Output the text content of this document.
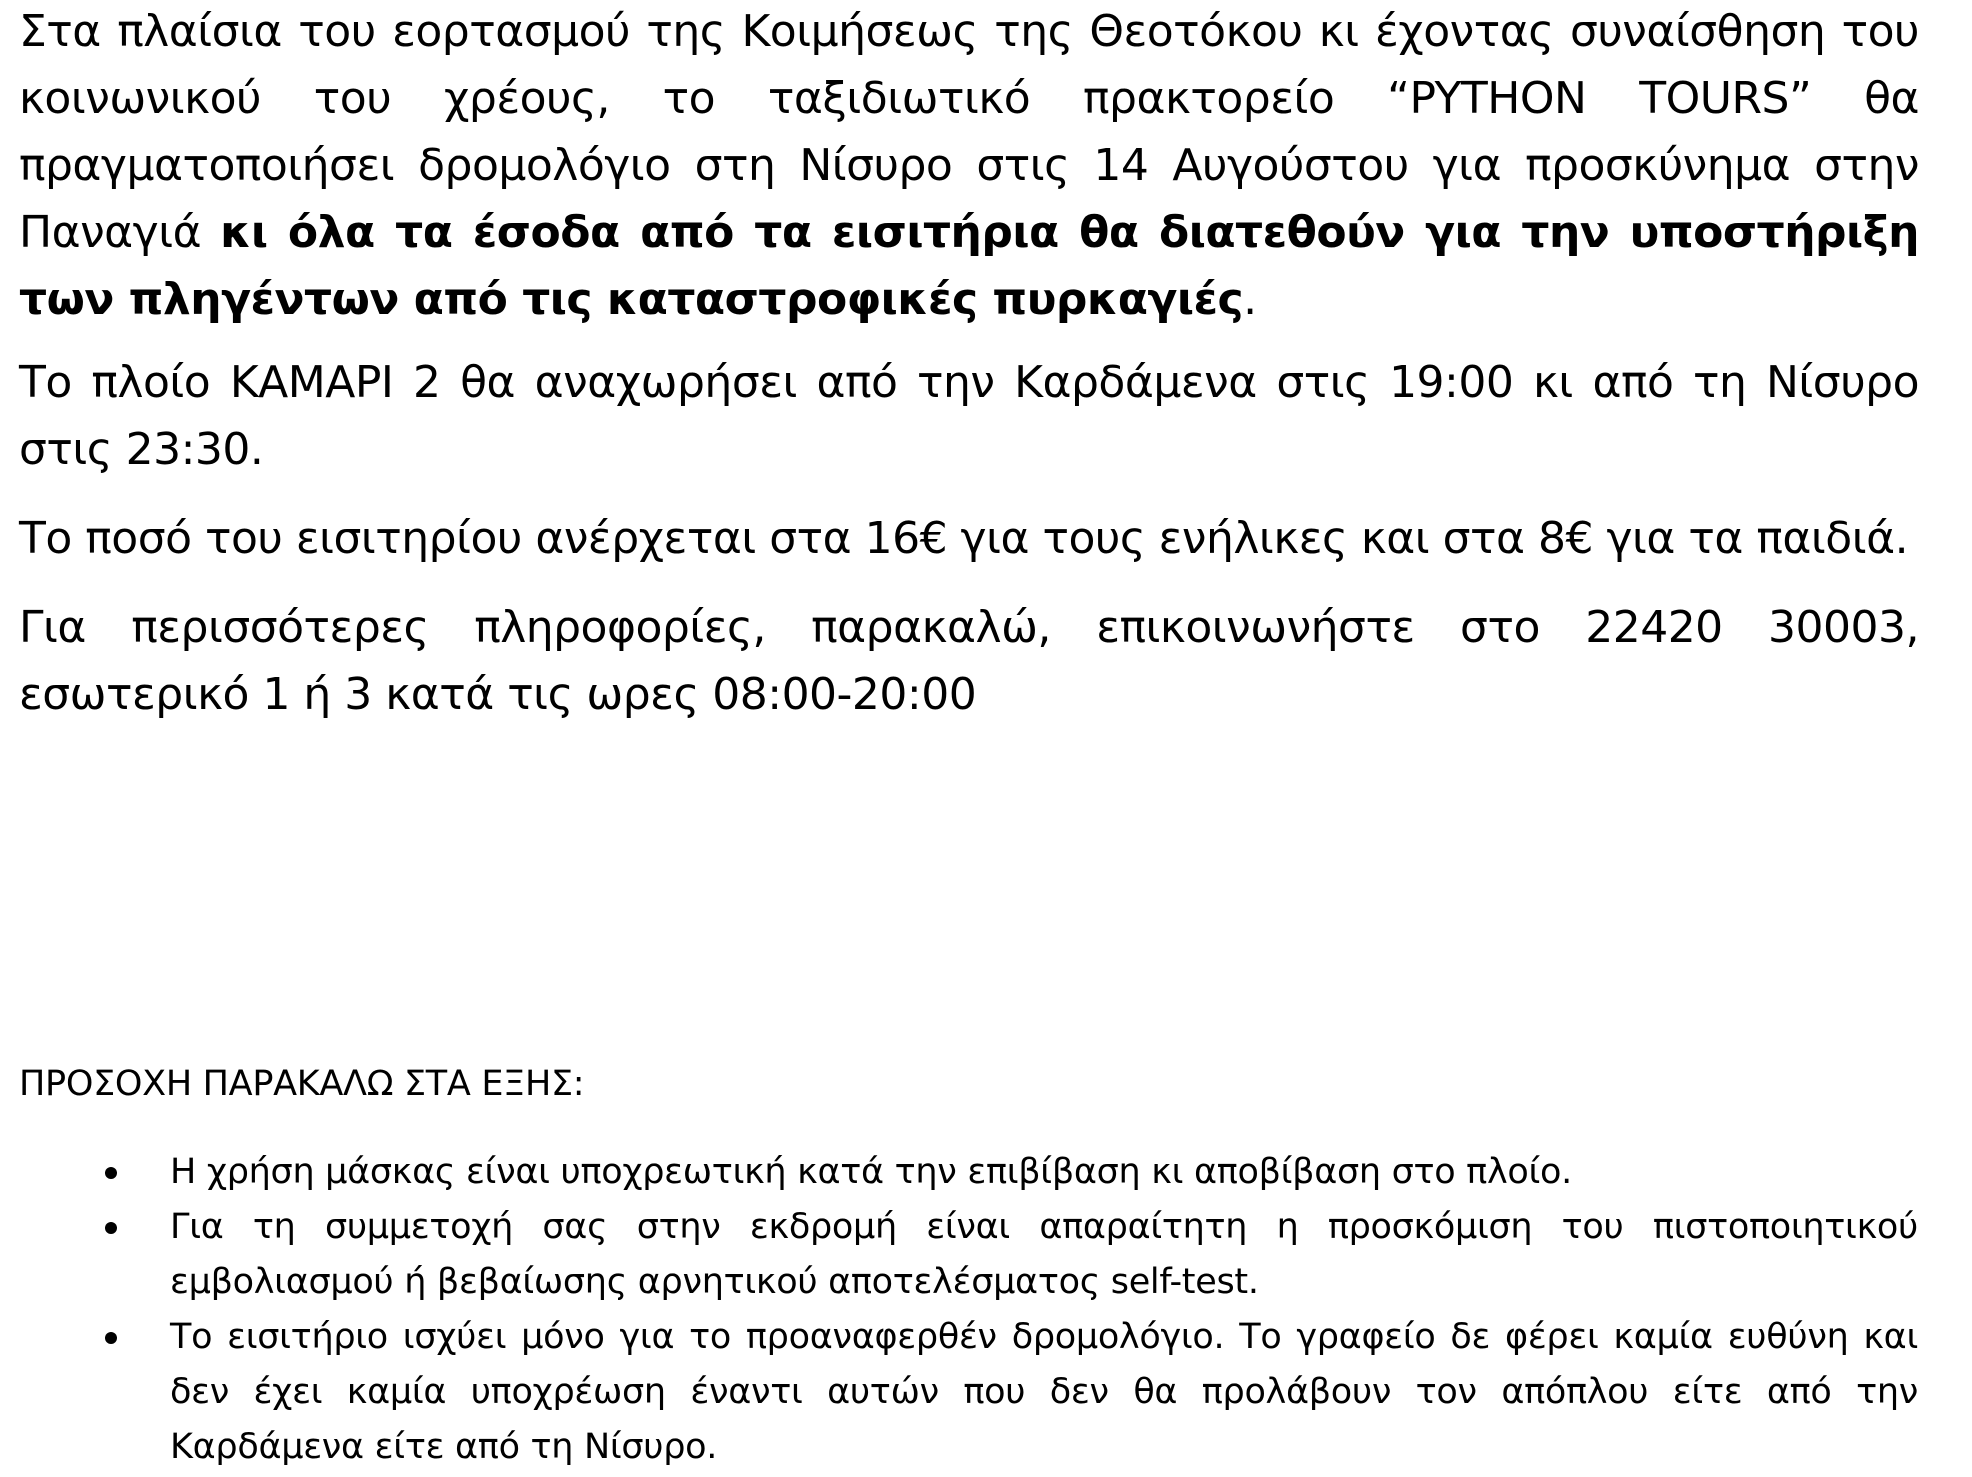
Στα πλαίσια του εορτασμού της Κοιμήσεως της Θεοτόκου κι έχοντας συναίσθηση του κοινωνικού του χρέους, το ταξιδιωτικό πρακτορείο “PYTHON TOURS” θα πραγματοποιήσει δρομολόγιο στη Νίσυρο στις 14 Αυγούστου για προσκύνημα στην Παναγιά κι όλα τα έσοδα από τα εισιτήρια θα διατεθούν για την υποστήριξη των πληγέντων από τις καταστροφικές πυρκαγιές.

Το πλοίο ΚΑΜΑΡΙ 2 θα αναχωρήσει από την Καρδάμενα στις 19:00 κι από τη Νίσυρο στις 23:30.

Το ποσό του εισιτηρίου ανέρχεται στα 16€ για τους ενήλικες και στα 8€ για τα παιδιά.

Για περισσότερες πληροφορίες, παρακαλώ, επικοινωνήστε στο 22420 30003, εσωτερικό 1 ή 3 κατά τις ωρες 08:00-20:00

ΠΡΟΣΟΧΗ ΠΑΡΑΚΑΛΩ ΣΤΑ ΕΞΗΣ:

Η χρήση μάσκας είναι υποχρεωτική κατά την επιβίβαση κι αποβίβαση στο πλοίο.
Για τη συμμετοχή σας στην εκδρομή είναι απαραίτητη η προσκόμιση του πιστοποιητικού εμβολιασμού ή βεβαίωσης αρνητικού αποτελέσματος self-test.
Το εισιτήριο ισχύει μόνο για το προαναφερθέν δρομολόγιο. Το γραφείο δε φέρει καμία ευθύνη και δεν έχει καμία υποχρέωση έναντι αυτών που δεν θα προλάβουν τον απόπλου είτε από την Καρδάμενα είτε από τη Νίσυρο.
